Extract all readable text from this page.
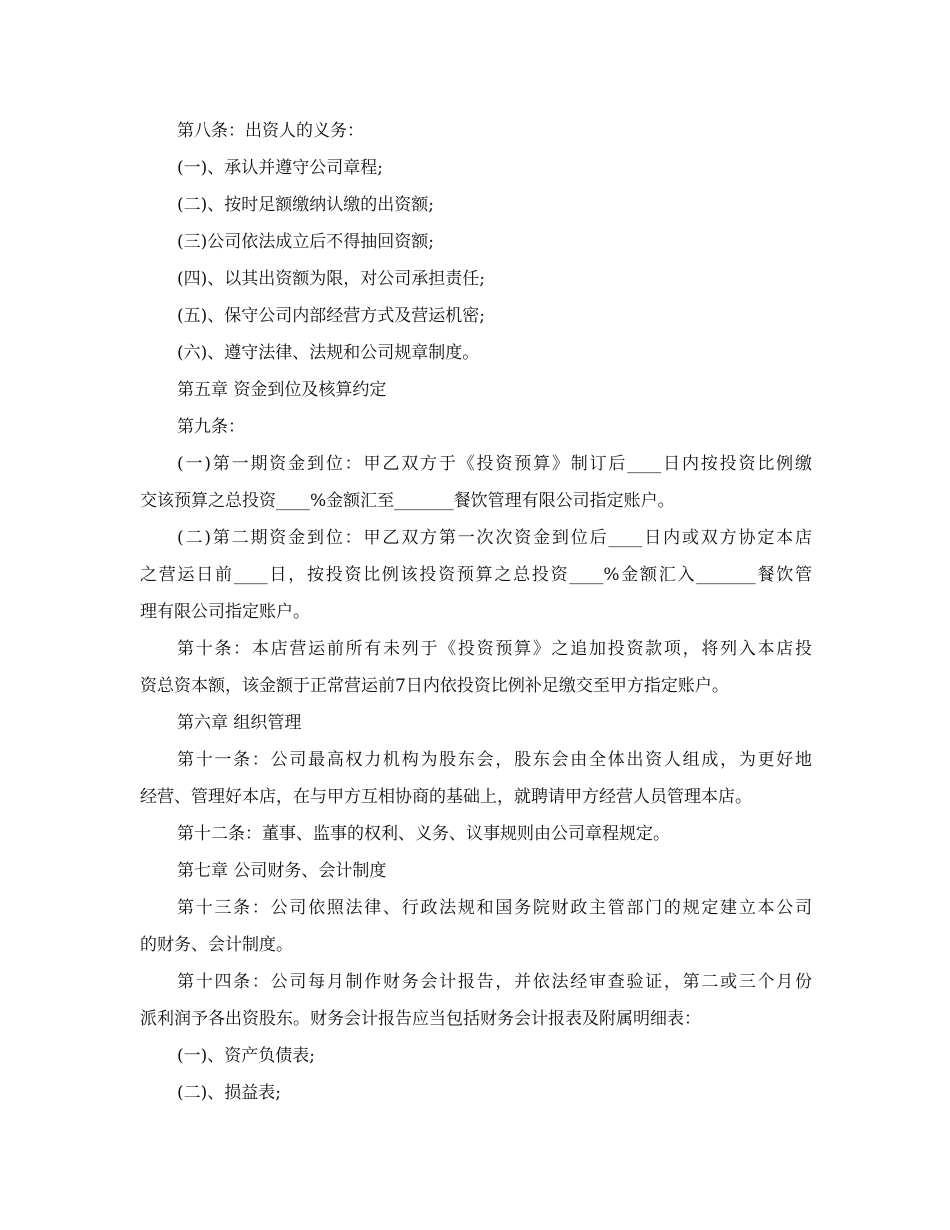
第八条：出资人的义务：
(一)、承认并遵守公司章程;
(二)、按时足额缴纳认缴的出资额;
(三)公司依法成立后不得抽回资额;
(四)、以其出资额为限，对公司承担责任;
(五)、保守公司内部经营方式及营运机密;
(六)、遵守法律、法规和公司规章制度。
第五章 资金到位及核算约定
第九条：
(一)第一期资金到位：甲乙双方于《投资预算》制订后____日内按投资比例缴
交该预算之总投资____%金额汇至_______餐饮管理有限公司指定账户。
(二)第二期资金到位：甲乙双方第一次次资金到位后____日内或双方协定本店
之营运日前____日，按投资比例该投资预算之总投资____%金额汇入_______餐饮管
理有限公司指定账户。
第十条：本店营运前所有未列于《投资预算》之追加投资款项，将列入本店投
资总资本额，该金额于正常营运前7日内依投资比例补足缴交至甲方指定账户。
第六章 组织管理
第十一条：公司最高权力机构为股东会，股东会由全体出资人组成，为更好地
经营、管理好本店，在与甲方互相协商的基础上，就聘请甲方经营人员管理本店。
第十二条：董事、监事的权利、义务、议事规则由公司章程规定。
第七章 公司财务、会计制度
第十三条：公司依照法律、行政法规和国务院财政主管部门的规定建立本公司
的财务、会计制度。
第十四条：公司每月制作财务会计报告，并依法经审查验证，第二或三个月份
派利润予各出资股东。财务会计报告应当包括财务会计报表及附属明细表：
(一)、资产负债表;
(二)、损益表;
